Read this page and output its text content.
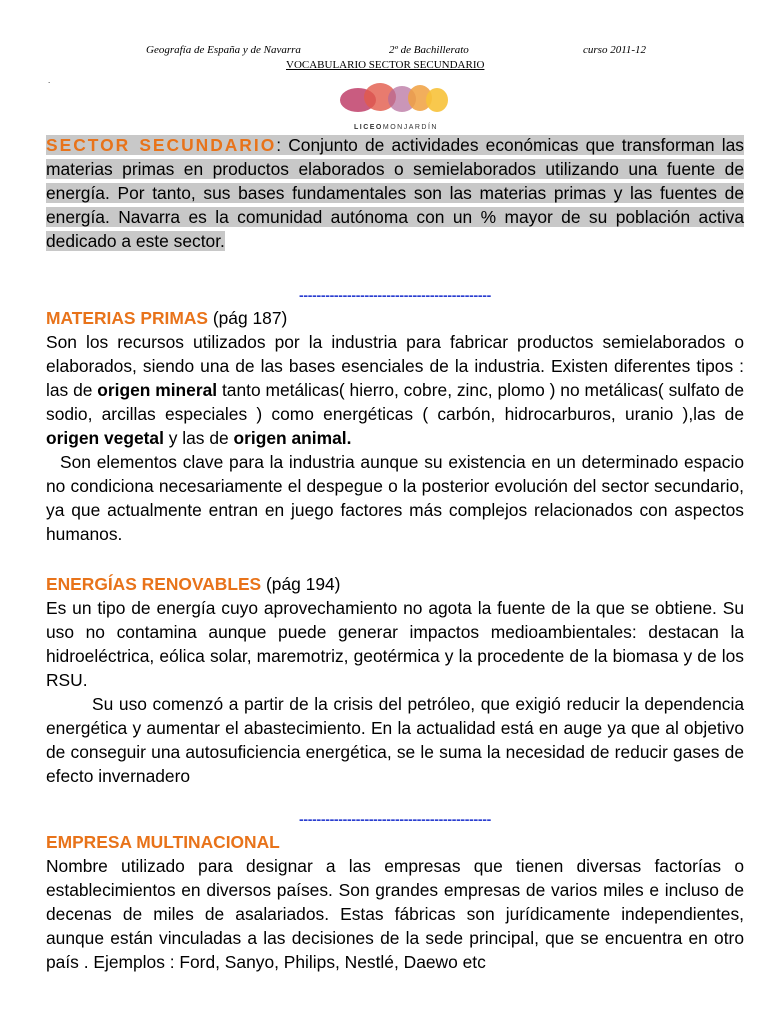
Geografía de España y de Navarra	2º de Bachillerato	curso 2011-12
VOCABULARIO SECTOR SECUNDARIO
.
LICEOMONJARDÍN

SECTOR SECUNDARIO: Conjunto de actividades económicas que transforman las materias primas en productos elaborados o semielaborados utilizando una fuente de energía. Por tanto, sus bases fundamentales son las materias primas y las fuentes de energía. Navarra es la comunidad autónoma con un % mayor de su población activa dedicado a este sector.

--------------------------------------------

MATERIAS PRIMAS (pág 187)

Son los recursos utilizados por la industria para fabricar productos semielaborados o elaborados, siendo una de las bases esenciales de la industria. Existen diferentes tipos : las de origen mineral tanto metálicas( hierro, cobre, zinc, plomo ) no metálicas( sulfato de sodio, arcillas especiales ) como energéticas ( carbón, hidrocarburos, uranio ),las de origen vegetal y las de origen animal.

Son elementos clave para la industria aunque su existencia en un determinado espacio no condiciona necesariamente el despegue o la posterior evolución del sector secundario, ya que actualmente entran en juego factores más complejos relacionados con aspectos humanos.

ENERGÍAS RENOVABLES (pág 194)

Es un tipo de energía cuyo aprovechamiento no agota la fuente de la que se obtiene. Su uso no contamina aunque puede generar impactos medioambientales: destacan la hidroeléctrica, eólica solar, maremotriz, geotérmica y la procedente de la biomasa y de los RSU.

Su uso comenzó a partir de la crisis del petróleo, que exigió reducir la dependencia energética y aumentar el abastecimiento. En la actualidad está en auge ya que al objetivo de conseguir una autosuficiencia energética, se le suma la necesidad de reducir gases de efecto invernadero

--------------------------------------------

EMPRESA MULTINACIONAL

Nombre utilizado para designar a las empresas que tienen diversas factorías o establecimientos en diversos países. Son grandes empresas de varios miles e incluso de decenas de miles de asalariados. Estas fábricas son jurídicamente independientes, aunque están vinculadas a las decisiones de la sede principal, que se encuentra en otro país . Ejemplos : Ford, Sanyo, Philips, Nestlé, Daewo etc
